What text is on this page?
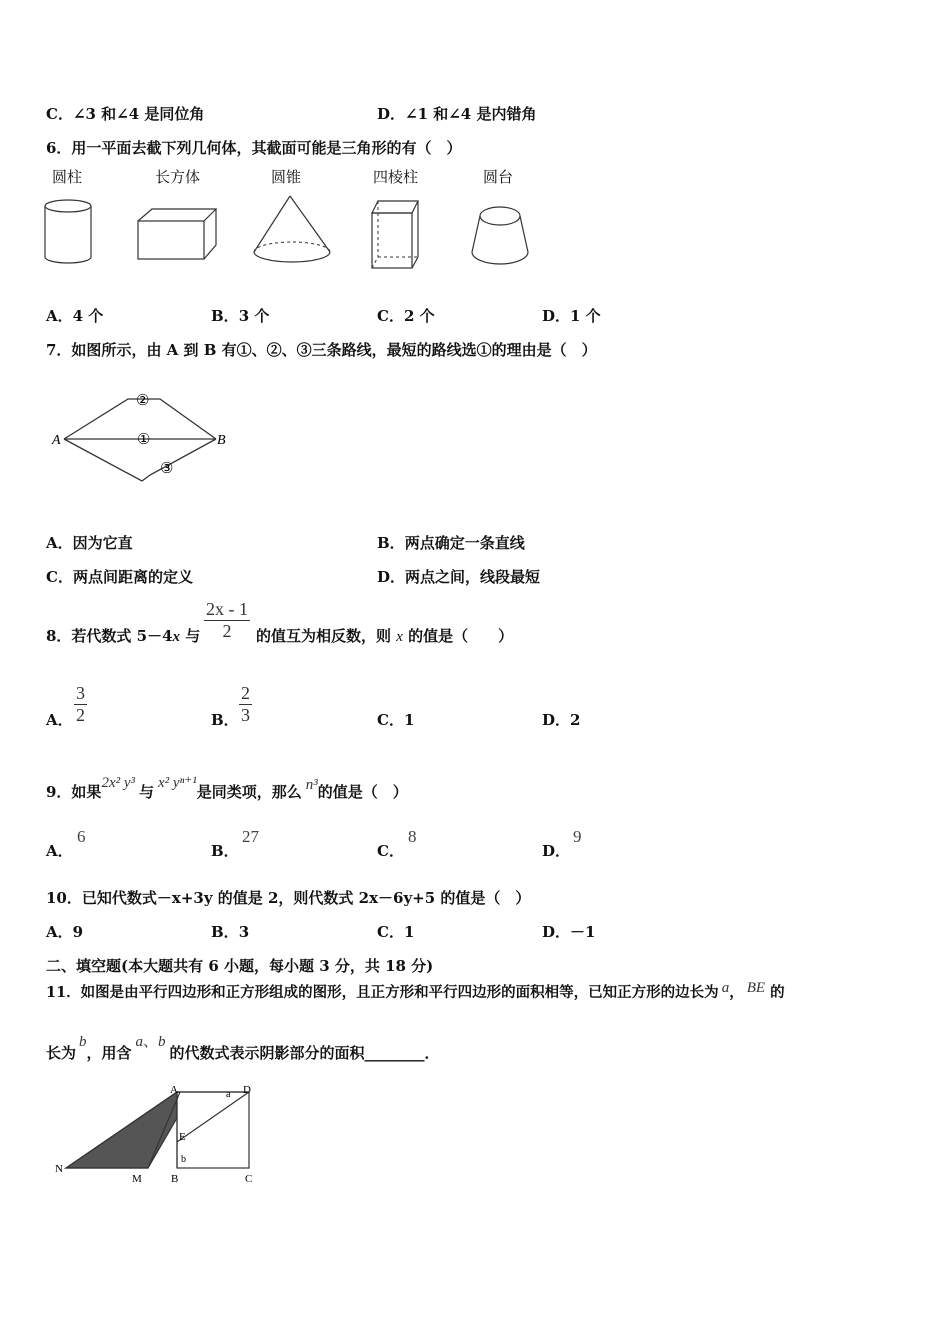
C．∠3 和∠4 是同位角	D．∠1 和∠4 是内错角
6．用一平面去截下列几何体，其截面可能是三角形的有（　）
圆柱	长方体	圆锥	四棱柱	圆台
A．4 个	B．3 个	C．2 个	D．1 个
7．如图所示，由 A 到 B 有①、②、③三条路线，最短的路线选①的理由是（　）
A	B
②
①
③
A．因为它直	B．两点确定一条直线
C．两点间距离的定义	D．两点之间，线段最短
8．若代数式 5－4x 与
2x - 1
2	的值互为相反数，则 x 的值是（　　）
A．
3
2	B．
2
3	C．1	D．2
9．如果2x² y³ 与 x² yⁿ⁺¹是同类项，那么 n³的值是（　）
A．
6
B．
27
C．
8
D．
9
10．已知代数式－x+3y 的值是 2，则代数式 2x－6y+5 的值是（　）
A．9	B．3	C．1	D．－1
二、填空题(本大题共有 6 小题，每小题 3 分，共 18 分)
11．如图是由平行四边形和正方形组成的图形，且正方形和平行四边形的面积相等，已知正方形的边长为 a， BE 的
长为b，用含a、b的代数式表示阴影部分的面积________．
A	D
a
E
b
N
M	B	C
